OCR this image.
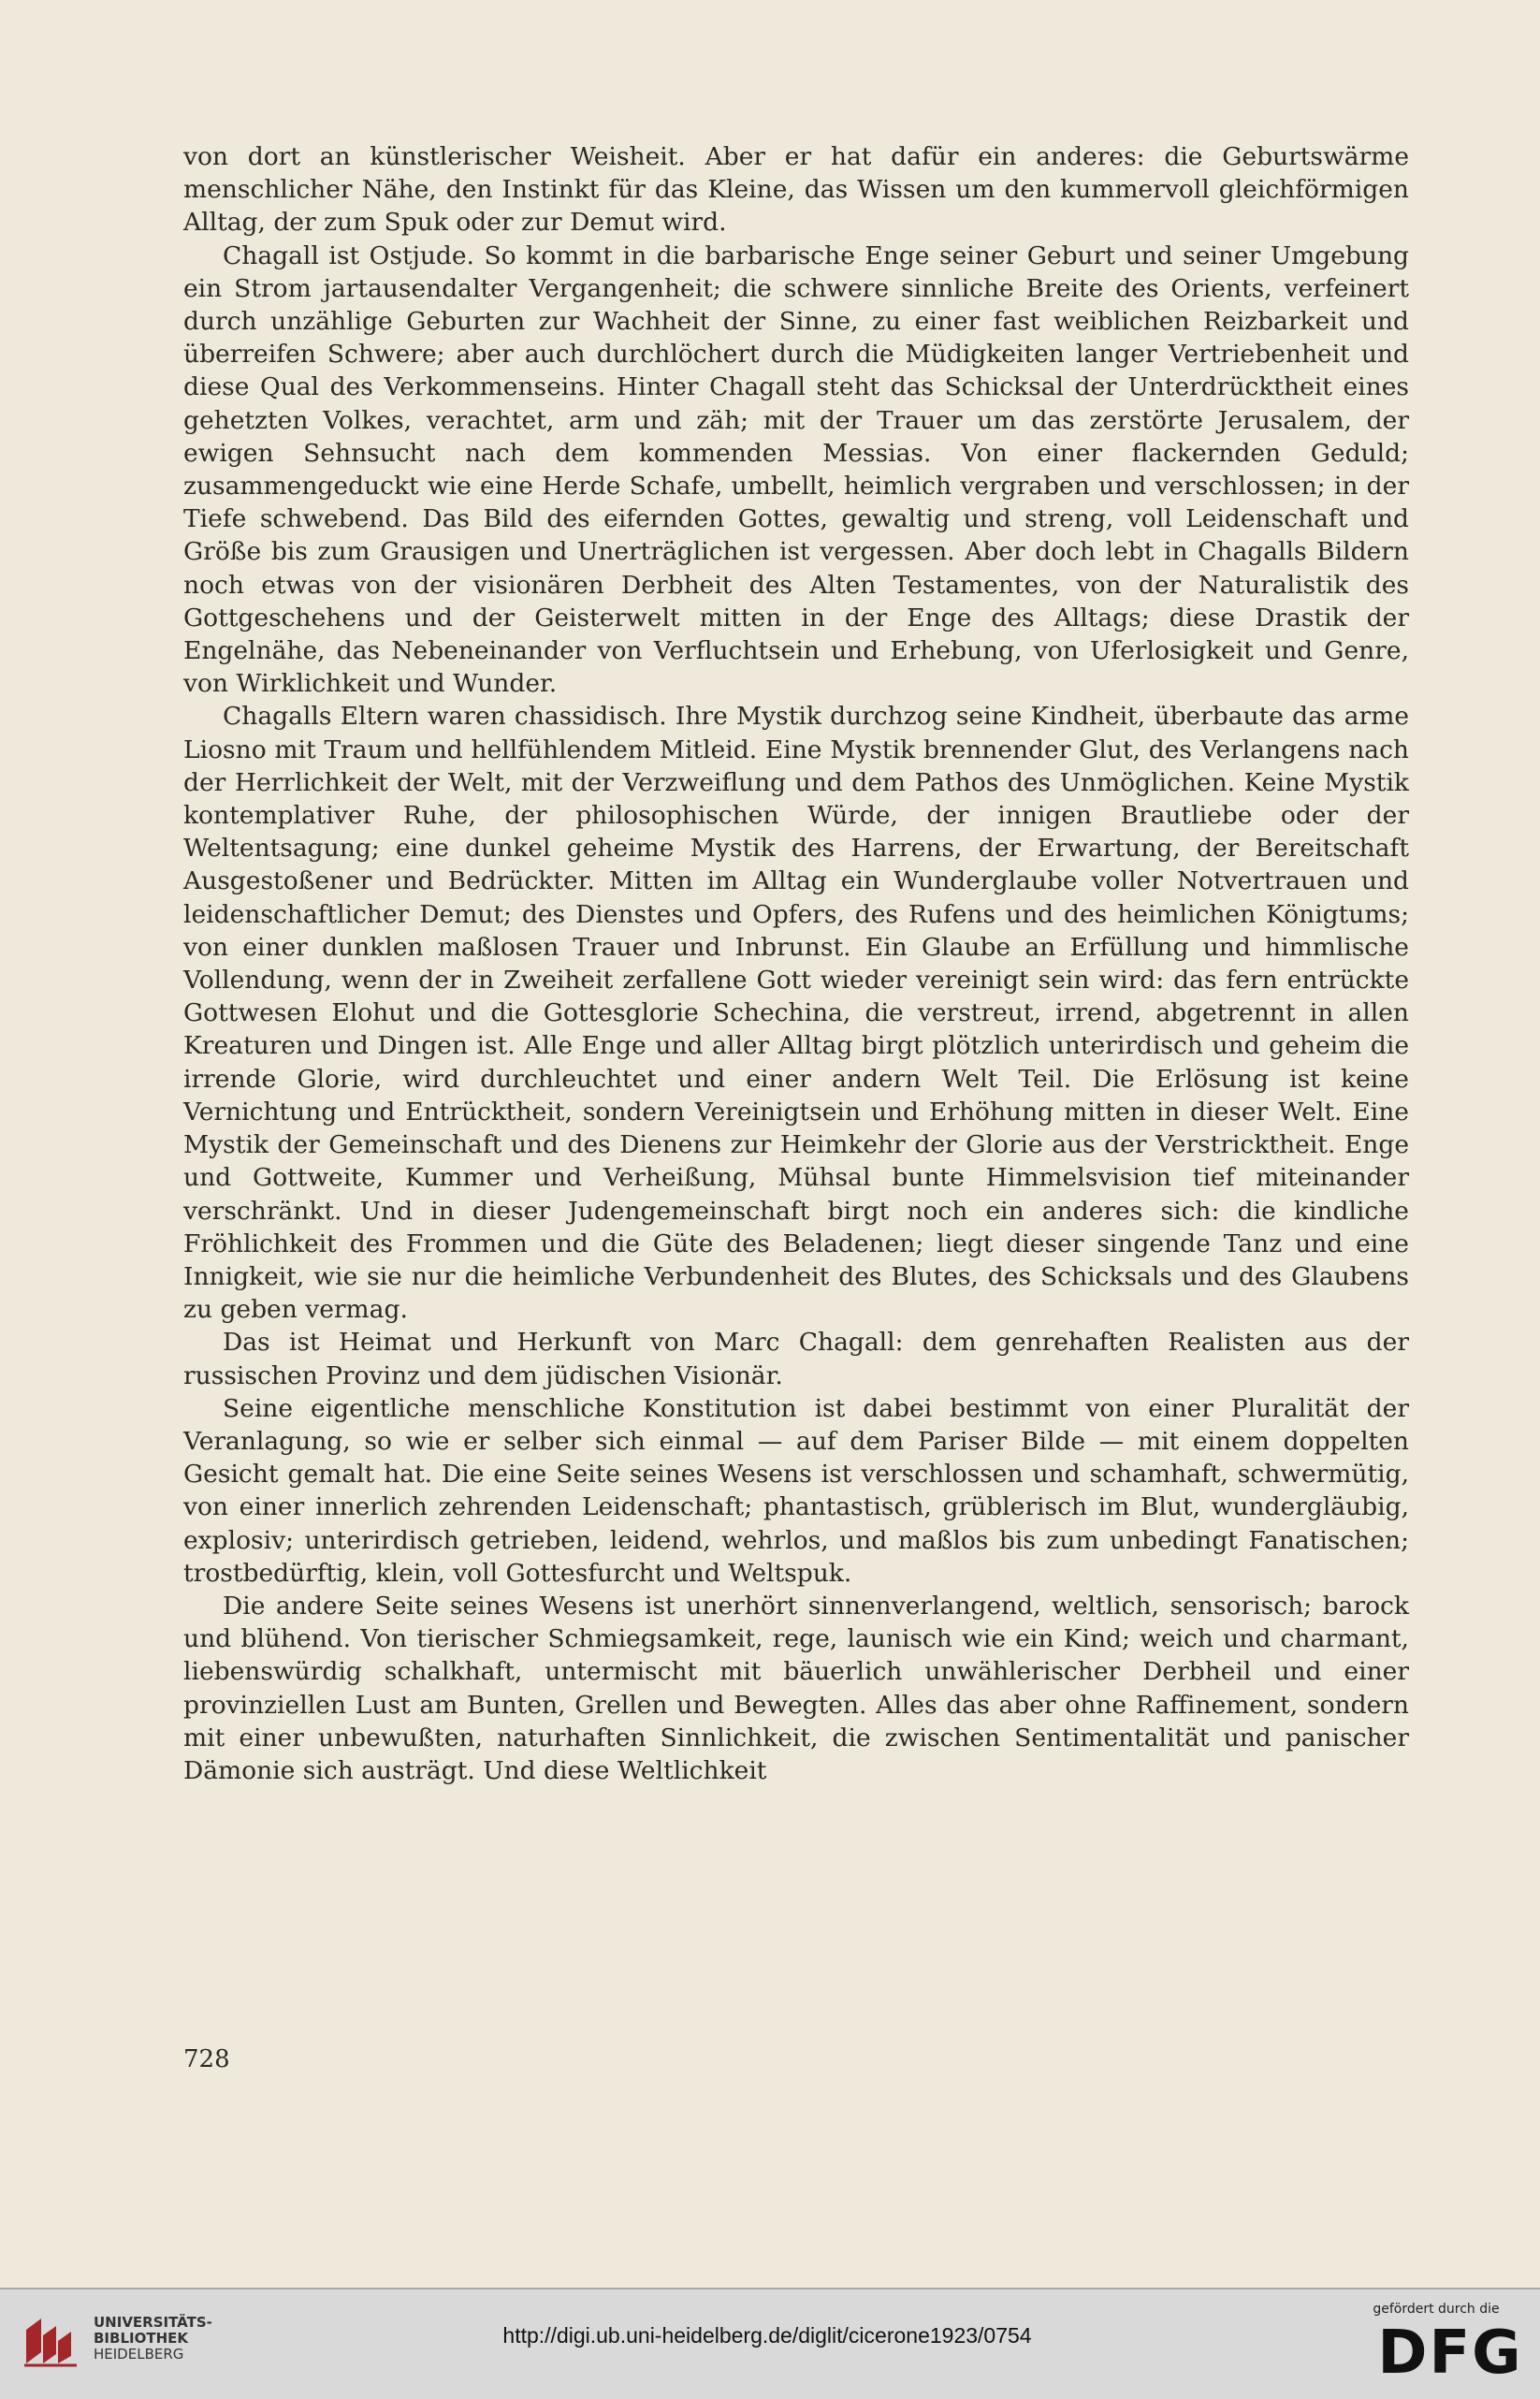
von dort an künstlerischer Weisheit. Aber er hat dafür ein anderes: die Geburtswärme menschlicher Nähe, den Instinkt für das Kleine, das Wissen um den kummervoll gleichförmigen Alltag, der zum Spuk oder zur Demut wird.

Chagall ist Ostjude. So kommt in die barbarische Enge seiner Geburt und seiner Umgebung ein Strom jartausendalter Vergangenheit; die schwere sinnliche Breite des Orients, verfeinert durch unzählige Geburten zur Wachheit der Sinne, zu einer fast weiblichen Reizbarkeit und überreifen Schwere; aber auch durchlöchert durch die Müdigkeiten langer Vertriebenheit und diese Qual des Verkommenseins. Hinter Chagall steht das Schicksal der Unterdrücktheit eines gehetzten Volkes, verachtet, arm und zäh; mit der Trauer um das zerstörte Jerusalem, der ewigen Sehnsucht nach dem kommenden Messias. Von einer flackernden Geduld; zusammengeduckt wie eine Herde Schafe, umbellt, heimlich vergraben und verschlossen; in der Tiefe schwebend. Das Bild des eifernden Gottes, gewaltig und streng, voll Leidenschaft und Größe bis zum Grausigen und Unerträglichen ist vergessen. Aber doch lebt in Chagalls Bildern noch etwas von der visionären Derbheit des Alten Testamentes, von der Naturalistik des Gottgeschehens und der Geisterwelt mitten in der Enge des Alltags; diese Drastik der Engelnähe, das Nebeneinander von Verfluchtsein und Erhebung, von Uferlosigkeit und Genre, von Wirklichkeit und Wunder.

Chagalls Eltern waren chassidisch. Ihre Mystik durchzog seine Kindheit, überbaute das arme Liosno mit Traum und hellfühlendem Mitleid. Eine Mystik brennender Glut, des Verlangens nach der Herrlichkeit der Welt, mit der Verzweiflung und dem Pathos des Unmöglichen. Keine Mystik kontemplativer Ruhe, der philosophischen Würde, der innigen Brautliebe oder der Weltentsagung; eine dunkel geheime Mystik des Harrens, der Erwartung, der Bereitschaft Ausgestoßener und Bedrückter. Mitten im Alltag ein Wunderglaube voller Notvertrauen und leidenschaftlicher Demut; des Dienstes und Opfers, des Rufens und des heimlichen Königtums; von einer dunklen maßlosen Trauer und Inbrunst. Ein Glaube an Erfüllung und himmlische Vollendung, wenn der in Zweiheit zerfallene Gott wieder vereinigt sein wird: das fern entrückte Gottwesen Elohut und die Gottesglorie Schechina, die verstreut, irrend, abgetrennt in allen Kreaturen und Dingen ist. Alle Enge und aller Alltag birgt plötzlich unterirdisch und geheim die irrende Glorie, wird durchleuchtet und einer andern Welt Teil. Die Erlösung ist keine Vernichtung und Entrücktheit, sondern Vereinigtsein und Erhöhung mitten in dieser Welt. Eine Mystik der Gemeinschaft und des Dienens zur Heimkehr der Glorie aus der Verstricktheit. Enge und Gottweite, Kummer und Verheißung, Mühsal bunte Himmelsvision tief miteinander verschränkt. Und in dieser Judengemeinschaft birgt noch ein anderes sich: die kindliche Fröhlichkeit des Frommen und die Güte des Beladenen; liegt dieser singende Tanz und eine Innigkeit, wie sie nur die heimliche Verbundenheit des Blutes, des Schicksals und des Glaubens zu geben vermag.

Das ist Heimat und Herkunft von Marc Chagall: dem genrehaften Realisten aus der russischen Provinz und dem jüdischen Visionär.

Seine eigentliche menschliche Konstitution ist dabei bestimmt von einer Pluralität der Veranlagung, so wie er selber sich einmal — auf dem Pariser Bilde — mit einem doppelten Gesicht gemalt hat. Die eine Seite seines Wesens ist verschlossen und schamhaft, schwermütig, von einer innerlich zehrenden Leidenschaft; phantastisch, grüblerisch im Blut, wundergläubig, explosiv; unterirdisch getrieben, leidend, wehrlos, und maßlos bis zum unbedingt Fanatischen; trostbedürftig, klein, voll Gottesfurcht und Weltspuk.

Die andere Seite seines Wesens ist unerhört sinnenverlangend, weltlich, sensorisch; barock und blühend. Von tierischer Schmiegsamkeit, rege, launisch wie ein Kind; weich und charmant, liebenswürdig schalkhaft, untermischt mit bäuerlich unwählerischer Derbheil und einer provinziellen Lust am Bunten, Grellen und Bewegten. Alles das aber ohne Raffinement, sondern mit einer unbewußten, naturhaften Sinnlichkeit, die zwischen Sentimentalität und panischer Dämonie sich austrägt. Und diese Weltlichkeit

728
UNIVERSITÄTS-
BIBLIOTHEK
HEIDELBERG
http://digi.ub.uni-heidelberg.de/diglit/cicerone1923/0754
gefördert durch die
DFG
